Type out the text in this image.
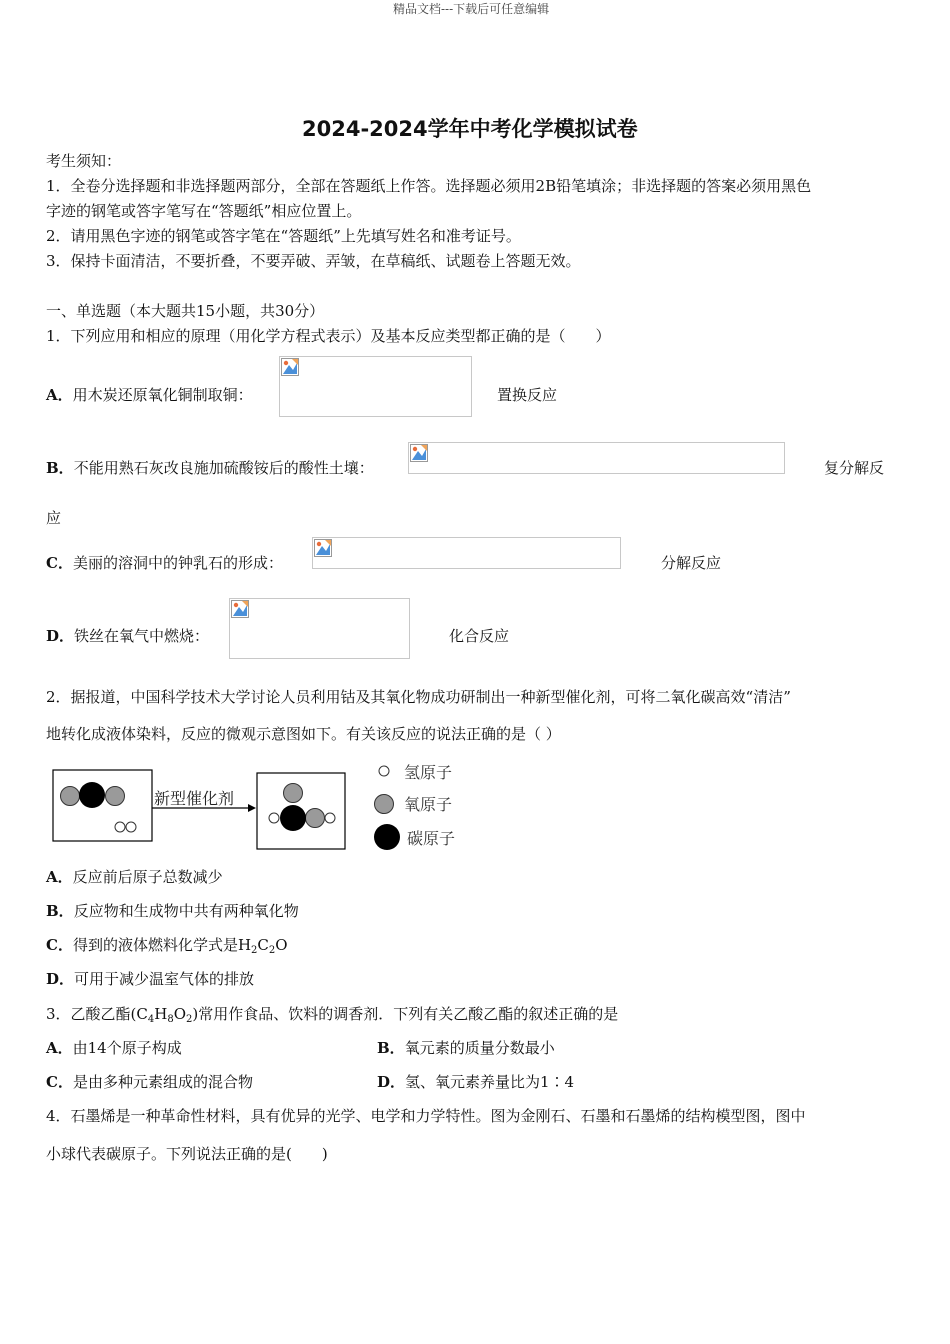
精品文档---下载后可任意编辑
2024-2024学年中考化学模拟试卷
考生须知：
1．全卷分选择题和非选择题两部分，全部在答题纸上作答。选择题必须用2B铅笔填涂；非选择题的答案必须用黑色
字迹的钢笔或答字笔写在“答题纸”相应位置上。
2．请用黑色字迹的钢笔或答字笔在“答题纸”上先填写姓名和准考证号。
3．保持卡面清洁，不要折叠，不要弄破、弄皱，在草稿纸、试题卷上答题无效。
一、单选题（本大题共15小题，共30分）
1．下列应用和相应的原理（用化学方程式表示）及基本反应类型都正确的是（　　）
A．用木炭还原氧化铜制取铜：	置换反应
B．不能用熟石灰改良施加硫酸铵后的酸性土壤：	复分解反
应
C．美丽的溶洞中的钟乳石的形成：	分解反应
D．铁丝在氧气中燃烧：	化合反应
2．据报道，中国科学技术大学讨论人员利用钴及其氧化物成功研制出一种新型催化剂，可将二氧化碳高效“清洁”
地转化成液体染料，反应的微观示意图如下。有关该反应的说法正确的是（ ）
新型催化剂
氢原子
氧原子
碳原子
A．反应前后原子总数减少
B．反应物和生成物中共有两种氧化物
C．得到的液体燃料化学式是$H_2C_2O$
D．可用于减少温室气体的排放
3．乙酸乙酯$(C_4H_8O_2)$常用作食品、饮料的调香剂．下列有关乙酸乙酯的叙述正确的是
A．由14个原子构成	B．氧元素的质量分数最小
C．是由多种元素组成的混合物	D．氢、氧元素养量比为1∶4
4．石墨烯是一种革命性材料，具有优异的光学、电学和力学特性。图为金刚石、石墨和石墨烯的结构模型图，图中
小球代表碳原子。下列说法正确的是(　　)
